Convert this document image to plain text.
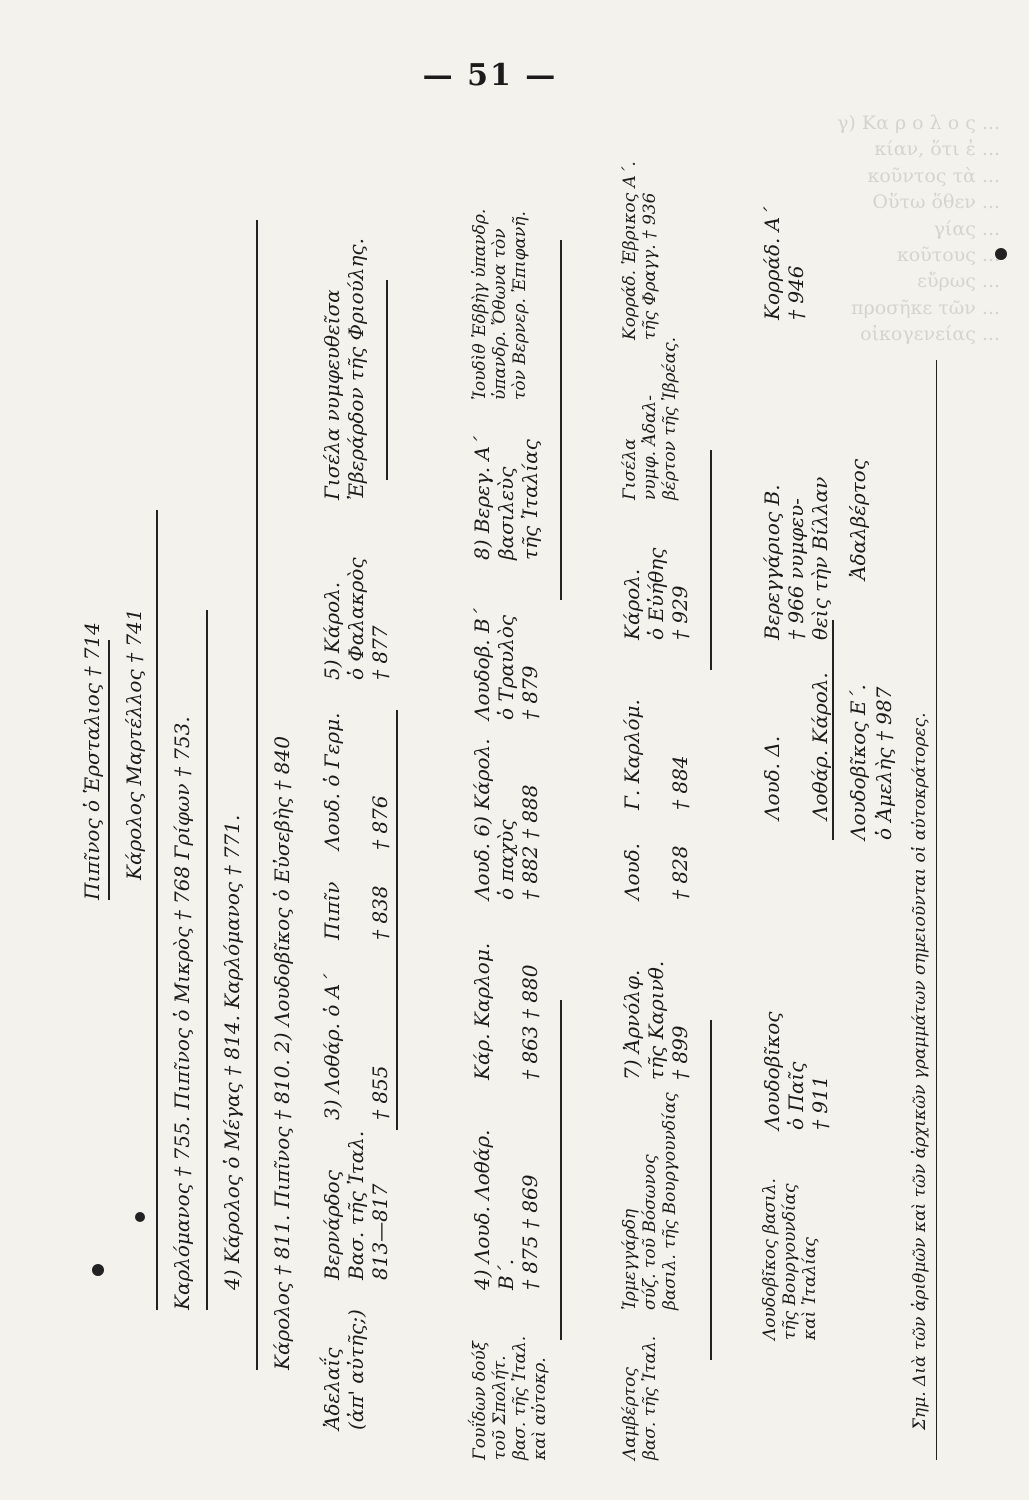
— 51 —
Πιπῖνος ὁ Ἑρσταλιος † 714 Κάρολος Μαρτέλλος † 741 Καρλόμανος † 755. Πιπῖνος ὁ Μικρὸς † 768 Γρίφων † 753. 4) Κάρολος ὁ Μέγας † 814. Καρλόμανος † 771. Κάρολος † 811. Πιπῖνος † 810. 2) Λουδοβῖκος ὁ Εὐσεβὴς † 840
Ἀδελαΐς (ἀπ' αὐτῆς;)
Βερνάρδος Βασ. τῆς Ἰταλ. 813—817
3) Λοθάρ. ὁ Α΄ † 855
Πιπῖν † 838
Λουδ. ὁ Γερμ. † 876
5) Κάρολ. ὁ Φαλακρὸς † 877
Γισέλα νυμφευθεῖσα Ἐβεράρδον τῆς Φριούλης.
Γουΐδων δούξ τοῦ Σπολήτ. βασ. τῆς Ἰταλ. καὶ αὐτοκρ.
4) Λουδ. Λοθάρ. Β΄. † 875 † 869
Κάρ. Καρλομ. † 863 † 880
Λουδ. 6) Κάρολ. ὁ παχὺς † 882 † 888
Λουδοβ. Β΄ ὁ Τραυλὸς † 879
8) Βερεγ. Α΄ βασιλεὺς τῆς Ἰταλίας
Ἰουδὶθ Ἐδβὴγ ὑπανδρ. ὑπανδρ. Ὄθωνα τὸν τὸν Βερνερ. Ἐπιφανῆ.
Λαμβέρτος βασ. τῆς Ἰταλ.
Ἰρμεγγάρδη σύζ. τοῦ Βόσωνος βασιλ. τῆς Βουργουνδίας
7) Ἀρνόλφ. τῆς Καρινθ. † 899
Λουδ. † 828
Γ. Καρλόμ. † 884
Κάρολ. ὁ Εὐήθης † 929
Γισέλα νυμφ. Ἀδαλ- βέρτον τῆς Ἰβρέας.
Κορράδ. Ἑβρικος Α΄. τῆς Φραγγ. † 936
Λουδοβῖκος βασιλ. τῆς Βουργουνδίας καὶ Ἰταλίας
Λουδοβῖκος ὁ Παῖς † 911
Λουδ. Δ. Λοθάρ. Κάρολ.
Βερεγγάριος Β. † 966 νυμφευ- θεὶς τὴν Βίλλαν
Κορράδ. Α΄ † 946
Λουδοβῖκος Ε΄. ὁ Ἀμελὴς † 987
Ἀδαλβέρτος
Σημ. Διὰ τῶν ἀριθμῶν καὶ τῶν ἀρχικῶν γραμμάτων σημειοῦνται οἱ αὐτοκράτορες.
γ) Κα ρ ο λ ο ς ...
κίαν, ὅτι ἐ ...
κοῦντος τὰ ...
Οὕτω ὅθεν ...
γίας ...
κοῦτους ...
εὔρως ...
προσῆκε τῶν ...
οἰκογενείας ...
